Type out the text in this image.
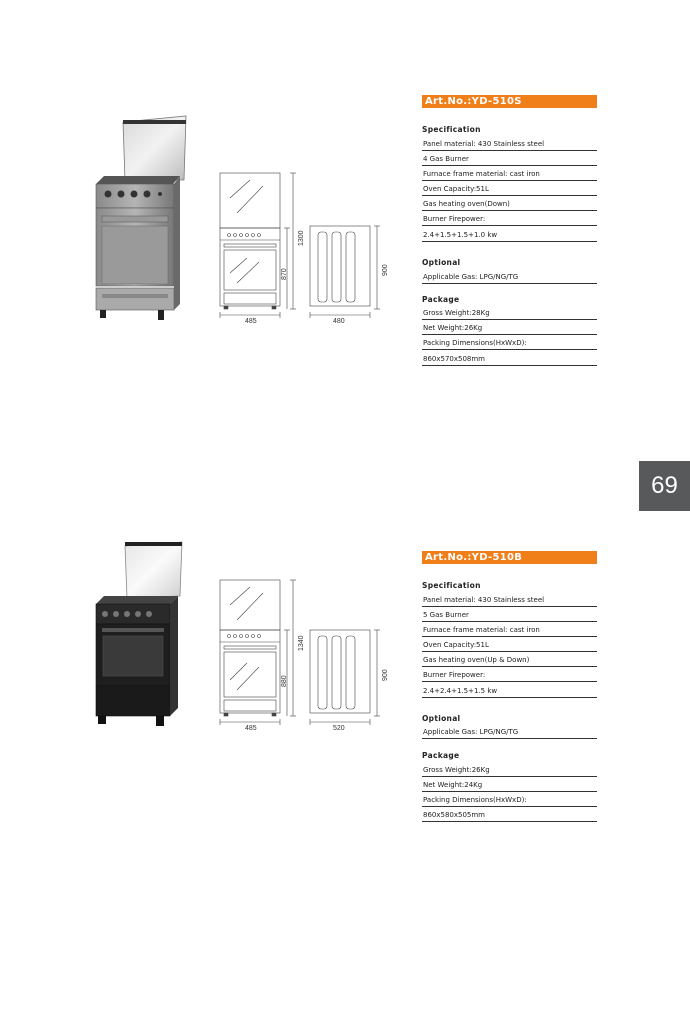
485	480
1300
870	900
Art.No.:YD-510S
Specification
Panel material: 430 Stainless steel
4 Gas Burner
Furnace frame material: cast iron
Oven Capacity:51L
Gas heating oven(Down)
Burner Firepower:
2.4+1.5+1.5+1.0 kw
Optional
Applicable Gas: LPG/NG/TG
Package
Gross Weight:28Kg
Net Weight:26Kg
Packing Dimensions(HxWxD):
860x570x508mm
69
485	520
1340
880
900
Art.No.:YD-510B
Specification
Panel material: 430 Stainless steel
5 Gas Burner
Furnace frame material: cast iron
Oven Capacity:51L
Gas heating oven(Up & Down)
Burner Firepower:
2.4+2.4+1.5+1.5 kw
Optional
Applicable Gas: LPG/NG/TG
Package
Gross Weight:26Kg
Net Weight:24Kg
Packing Dimensions(HxWxD):
860x580x505mm
